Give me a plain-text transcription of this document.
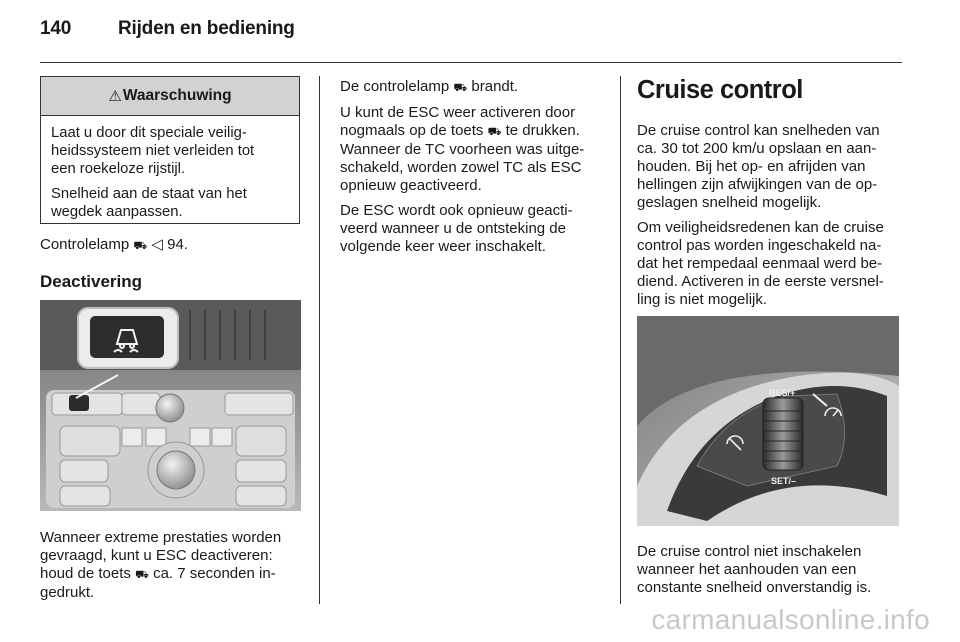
140 Rijden en bediening
⚠ Waarschuwing

Laat u door dit speciale veilig-
heidssysteem niet verleiden tot
een roekeloze rijstijl.

Snelheid aan de staat van het
wegdek aanpassen.

Controlelamp ⛟ ◁ 94.
Deactivering
Wanneer extreme prestaties worden
gevraagd, kunt u ESC deactiveren:
houd de toets ⛟ ca. 7 seconden in-
gedrukt.

De controlelamp ⛟ brandt.

U kunt de ESC weer activeren door
nogmaals op de toets ⛟ te drukken.
Wanneer de TC voorheen was uitge-
schakeld, worden zowel TC als ESC
opnieuw geactiveerd.

De ESC wordt ook opnieuw geacti-
veerd wanneer u de ontsteking de
volgende keer weer inschakelt.

Cruise control

De cruise control kan snelheden van
ca. 30 tot 200 km/u opslaan en aan-
houden. Bij het op- en afrijden van
hellingen zijn afwijkingen van de op-
geslagen snelheid mogelijk.

Om veiligheidsredenen kan de cruise
control pas worden ingeschakeld na-
dat het rempedaal eenmaal werd be-
diend. Activeren in de eerste versnel-
ling is niet mogelijk.

RES/+
SET/–
De cruise control niet inschakelen
wanneer het aanhouden van een
constante snelheid onverstandig is.
carmanualsonline.info
